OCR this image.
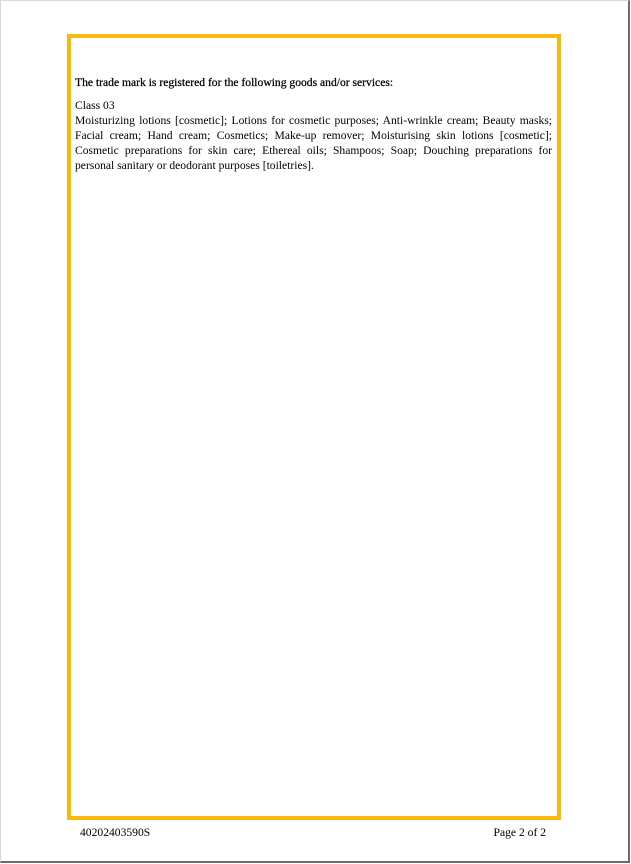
The trade mark is registered for the following goods and/or services:

Class 03

Moisturizing lotions [cosmetic]; Lotions for cosmetic purposes; Anti-wrinkle cream; Beauty masks; Facial cream; Hand cream; Cosmetics; Make-up remover; Moisturising skin lotions [cosmetic]; Cosmetic preparations for skin care; Ethereal oils; Shampoos; Soap; Douching preparations for personal sanitary or deodorant purposes [toiletries].

40202403590S	Page 2 of 2
